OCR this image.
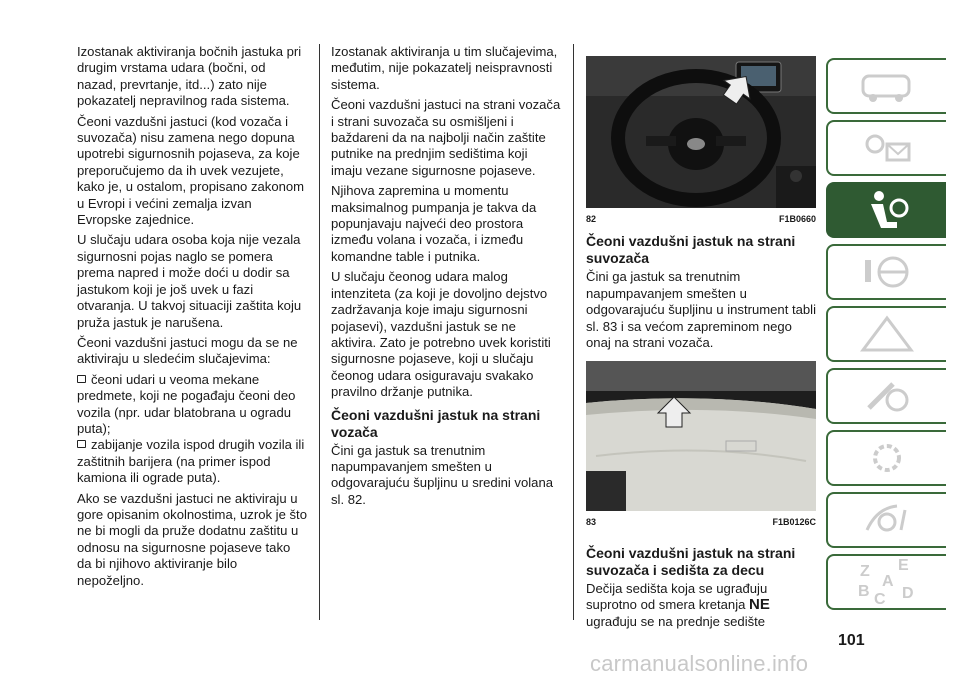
Izostanak aktiviranja bočnih jastuka pri drugim vrstama udara (bočni, od nazad, prevrtanje, itd...) zato nije pokazatelj nepravilnog rada sistema.

Čeoni vazdušni jastuci (kod vozača i suvozača) nisu zamena nego dopuna upotrebi sigurnosnih pojaseva, za koje preporučujemo da ih uvek vezujete, kako je, u ostalom, propisano zakonom u Evropi i većini zemalja izvan Evropske zajednice.

U slučaju udara osoba koja nije vezala sigurnosni pojas naglo se pomera prema napred i može doći u dodir sa jastukom koji je još uvek u fazi otvaranja. U takvoj situaciji zaštita koju pruža jastuk je narušena.

Čeoni vazdušni jastuci mogu da se ne aktiviraju u sledećim slučajevima:

čeoni udari u veoma mekane predmete, koji ne pogađaju čeoni deo vozila (npr. udar blatobrana u ogradu puta);

zabijanje vozila ispod drugih vozila ili zaštitnih barijera (na primer ispod kamiona ili ograde puta).

Ako se vazdušni jastuci ne aktiviraju u gore opisanim okolnostima, uzrok je što ne bi mogli da pruže dodatnu zaštitu u odnosu na sigurnosne pojaseve tako da bi njihovo aktiviranje bilo nepoželjno.

Izostanak aktiviranja u tim slučajevima, međutim, nije pokazatelj neispravnosti sistema.

Čeoni vazdušni jastuci na strani vozača i strani suvozača su osmišljeni i baždareni da na najbolji način zaštite putnike na prednjim sedištima koji imaju vezane sigurnosne pojaseve.

Njihova zapremina u momentu maksimalnog pumpanja je takva da popunjavaju najveći deo prostora između volana i vozača, i između komandne table i putnika.

U slučaju čeonog udara malog intenziteta (za koji je dovoljno dejstvo zadržavanja koje imaju sigurnosni pojasevi), vazdušni jastuk se ne aktivira. Zato je potrebno uvek koristiti sigurnosne pojaseve, koji u slučaju čeonog udara osiguravaju svakako pravilno držanje putnika.

Čeoni vazdušni jastuk na strani vozača

Čini ga jastuk sa trenutnim napumpavanjem smešten u odgovarajuću šupljinu u sredini volana sl. 82.

82	F1B0660
Čeoni vazdušni jastuk na strani suvozača

Čini ga jastuk sa trenutnim napumpavanjem smešten u odgovarajuću šupljinu u instrument tabli sl. 83 i sa većom zapreminom nego onaj na strani vozača.

83	F1B0126C
Čeoni vazdušni jastuk na strani suvozača i sedišta za decu

Dečija sedišta koja se ugrađuju suprotno od smera kretanja NE ugrađuju se na prednje sedište

Z E
A
B C D
101
carmanualsonline.info
